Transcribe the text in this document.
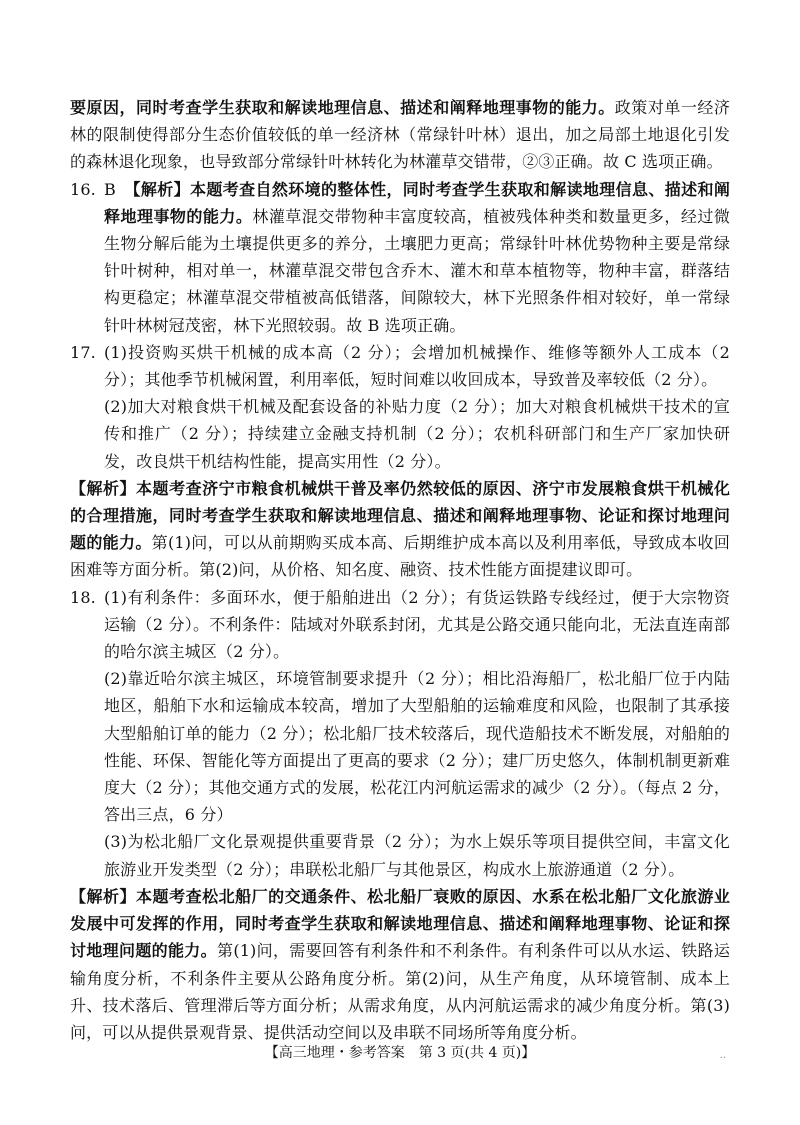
要原因，同时考查学生获取和解读地理信息、描述和阐释地理事物的能力。政策对单一经济林的限制使得部分生态价值较低的单一经济林（常绿针叶林）退出，加之局部土地退化引发的森林退化现象，也导致部分常绿针叶林转化为林灌草交错带，②③正确。故 C 选项正确。

16. B　 【解析】本题考查自然环境的整体性，同时考查学生获取和解读地理信息、描述和阐释地理事物的能力。林灌草混交带物种丰富度较高，植被残体种类和数量更多，经过微生物分解后能为土壤提供更多的养分，土壤肥力更高；常绿针叶林优势物种主要是常绿针叶树种，相对单一，林灌草混交带包含乔木、灌木和草本植物等，物种丰富，群落结构更稳定；林灌草混交带植被高低错落，间隙较大，林下光照条件相对较好，单一常绿针叶林树冠茂密，林下光照较弱。故 B 选项正确。

17. (1)投资购买烘干机械的成本高（2 分）；会增加机械操作、维修等额外人工成本（2 分）；其他季节机械闲置，利用率低，短时间难以收回成本，导致普及率较低（2 分）。

(2)加大对粮食烘干机械及配套设备的补贴力度（2 分）；加大对粮食机械烘干技术的宣传和推广（2 分）；持续建立金融支持机制（2 分）；农机科研部门和生产厂家加快研发，改良烘干机结构性能，提高实用性（2 分）。

【解析】本题考查济宁市粮食机械烘干普及率仍然较低的原因、济宁市发展粮食烘干机械化的合理措施，同时考查学生获取和解读地理信息、描述和阐释地理事物、论证和探讨地理问题的能力。第(1)问，可以从前期购买成本高、后期维护成本高以及利用率低，导致成本收回困难等方面分析。第(2)问，从价格、知名度、融资、技术性能方面提建议即可。

18. (1)有利条件：多面环水，便于船舶进出（2 分）；有货运铁路专线经过，便于大宗物资运输（2 分）。不利条件：陆域对外联系封闭，尤其是公路交通只能向北，无法直连南部的哈尔滨主城区（2 分）。

(2)靠近哈尔滨主城区，环境管制要求提升（2 分）；相比沿海船厂，松北船厂位于内陆地区，船舶下水和运输成本较高，增加了大型船舶的运输难度和风险，也限制了其承接大型船舶订单的能力（2 分）；松北船厂技术较落后，现代造船技术不断发展，对船舶的性能、环保、智能化等方面提出了更高的要求（2 分）；建厂历史悠久，体制机制更新难度大（2 分）；其他交通方式的发展，松花江内河航运需求的减少（2 分）。（每点 2 分，答出三点，6 分）

(3)为松北船厂文化景观提供重要背景（2 分）；为水上娱乐等项目提供空间，丰富文化旅游业开发类型（2 分）；串联松北船厂与其他景区，构成水上旅游通道（2 分）。

【解析】本题考查松北船厂的交通条件、松北船厂衰败的原因、水系在松北船厂文化旅游业发展中可发挥的作用，同时考查学生获取和解读地理信息、描述和阐释地理事物、论证和探讨地理问题的能力。第(1)问，需要回答有利条件和不利条件。有利条件可以从水运、铁路运输角度分析，不利条件主要从公路角度分析。第(2)问，从生产角度，从环境管制、成本上升、技术落后、管理滞后等方面分析；从需求角度，从内河航运需求的减少角度分析。第(3)问，可以从提供景观背景、提供活动空间以及串联不同场所等角度分析。

【高三地理・参考答案　第 3 页(共 4 页)】	··
